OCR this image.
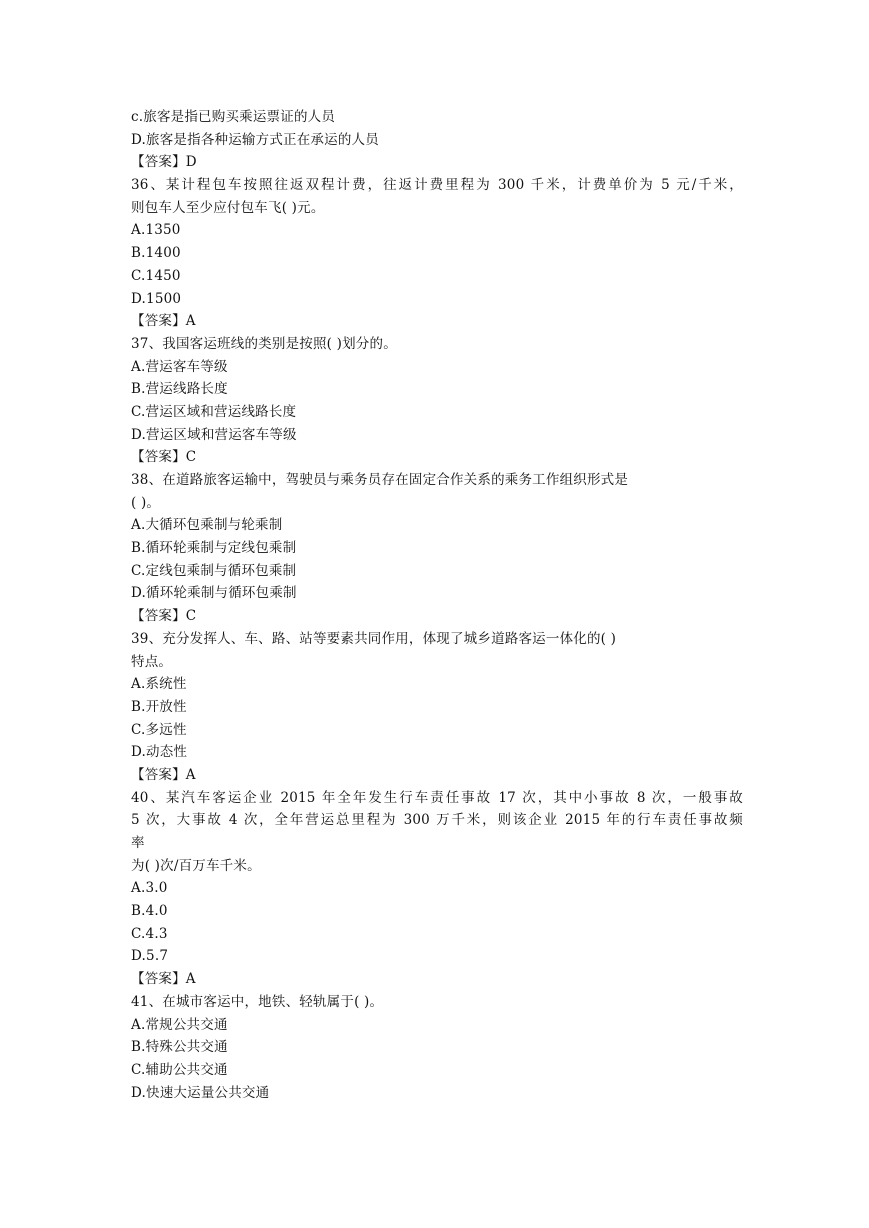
c.旅客是指已购买乘运票证的人员
D.旅客是指各种运输方式正在承运的人员
【答案】D
36、某计程包车按照往返双程计费，往返计费里程为 300 千米，计费单价为 5 元/千米，
则包车人至少应付包车飞( )元。
A.1350
B.1400
C.1450
D.1500
【答案】A
37、我国客运班线的类别是按照( )划分的。
A.营运客车等级
B.营运线路长度
C.营运区域和营运线路长度
D.营运区域和营运客车等级
【答案】C
38、在道路旅客运输中，驾驶员与乘务员存在固定合作关系的乘务工作组织形式是
( )。
A.大循环包乘制与轮乘制
B.循环轮乘制与定线包乘制
C.定线包乘制与循环包乘制
D.循环轮乘制与循环包乘制
【答案】C
39、充分发挥人、车、路、站等要素共同作用，体现了城乡道路客运一体化的( )
特点。
A.系统性
B.开放性
C.多远性
D.动态性
【答案】A
40、某汽车客运企业 2015 年全年发生行车责任事故 17 次，其中小事故 8 次，一般事故
5 次，大事故 4 次，全年营运总里程为 300 万千米，则该企业 2015 年的行车责任事故频
率
为( )次/百万车千米。
A.3.0
B.4.0
C.4.3
D.5.7
【答案】A
41、在城市客运中，地铁、轻轨属于( )。
A.常规公共交通
B.特殊公共交通
C.辅助公共交通
D.快速大运量公共交通
